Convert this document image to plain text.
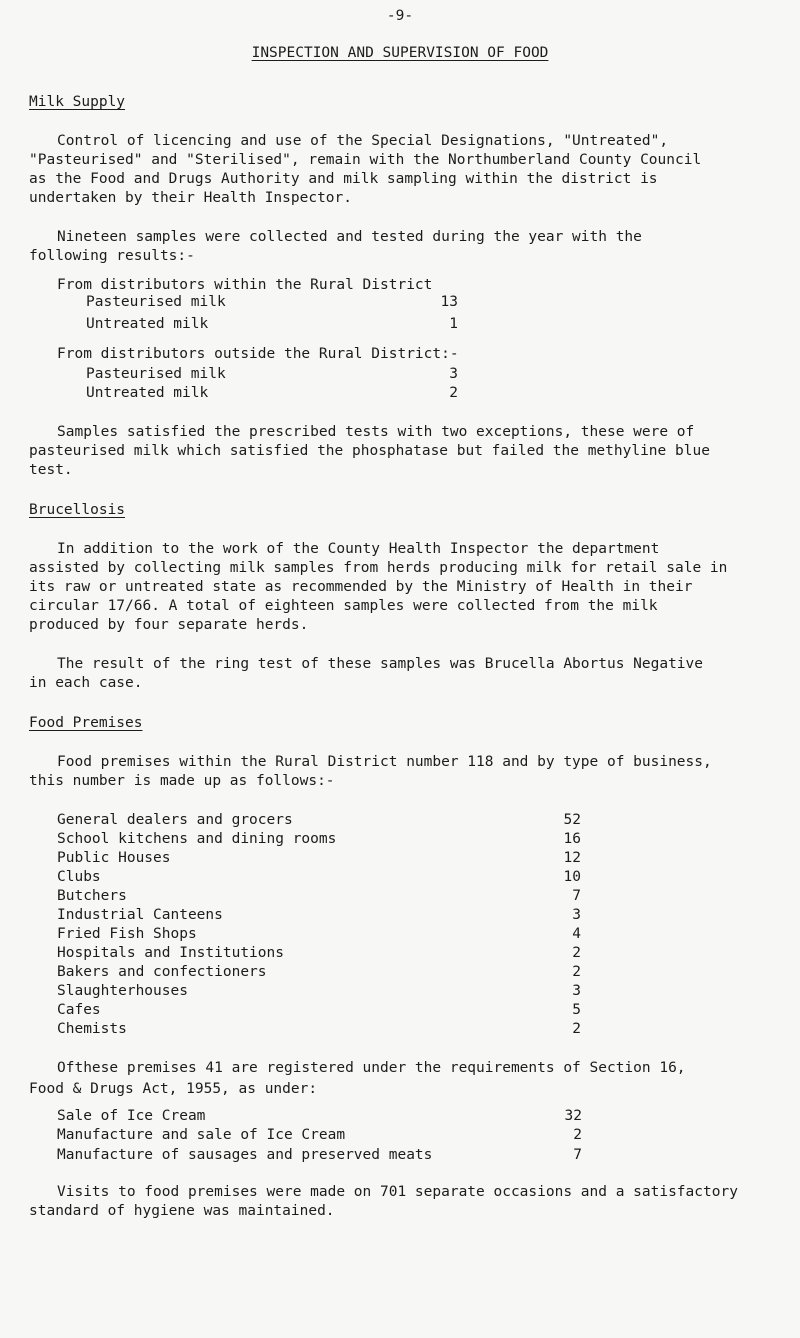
-9-
INSPECTION AND SUPERVISION OF FOOD
Milk Supply
Control of licencing and use of the Special Designations, "Untreated",
"Pasteurised" and "Sterilised", remain with the Northumberland County Council
as the Food and Drugs Authority and milk sampling within the district is
undertaken by their Health Inspector.
Nineteen samples were collected and tested during the year with the
following results:-
From distributors within the Rural District
Pasteurised milk	13
Untreated milk	1
From distributors outside the Rural District:-
Pasteurised milk	3
Untreated milk	2
Samples satisfied the prescribed tests with two exceptions, these were of
pasteurised milk which satisfied the phosphatase but failed the methyline blue
test.
Brucellosis
In addition to the work of the County Health Inspector the department
assisted by collecting milk samples from herds producing milk for retail sale in
its raw or untreated state as recommended by the Ministry of Health in their
circular 17/66. A total of eighteen samples were collected from the milk
produced by four separate herds.
The result of the ring test of these samples was Brucella Abortus Negative
in each case.
Food Premises
Food premises within the Rural District number 118 and by type of business,
this number is made up as follows:-
General dealers and grocers	52
School kitchens and dining rooms	16
Public Houses	12
Clubs	10
Butchers	7
Industrial Canteens	3
Fried Fish Shops	4
Hospitals and Institutions	2
Bakers and confectioners	2
Slaughterhouses	3
Cafes	5
Chemists	2
Ofthese premises 41 are registered under the requirements of Section 16,
Food & Drugs Act, 1955, as under:
Sale of Ice Cream	32
Manufacture and sale of Ice Cream	2
Manufacture of sausages and preserved meats	7
Visits to food premises were made on 701 separate occasions and a satisfactory
standard of hygiene was maintained.
